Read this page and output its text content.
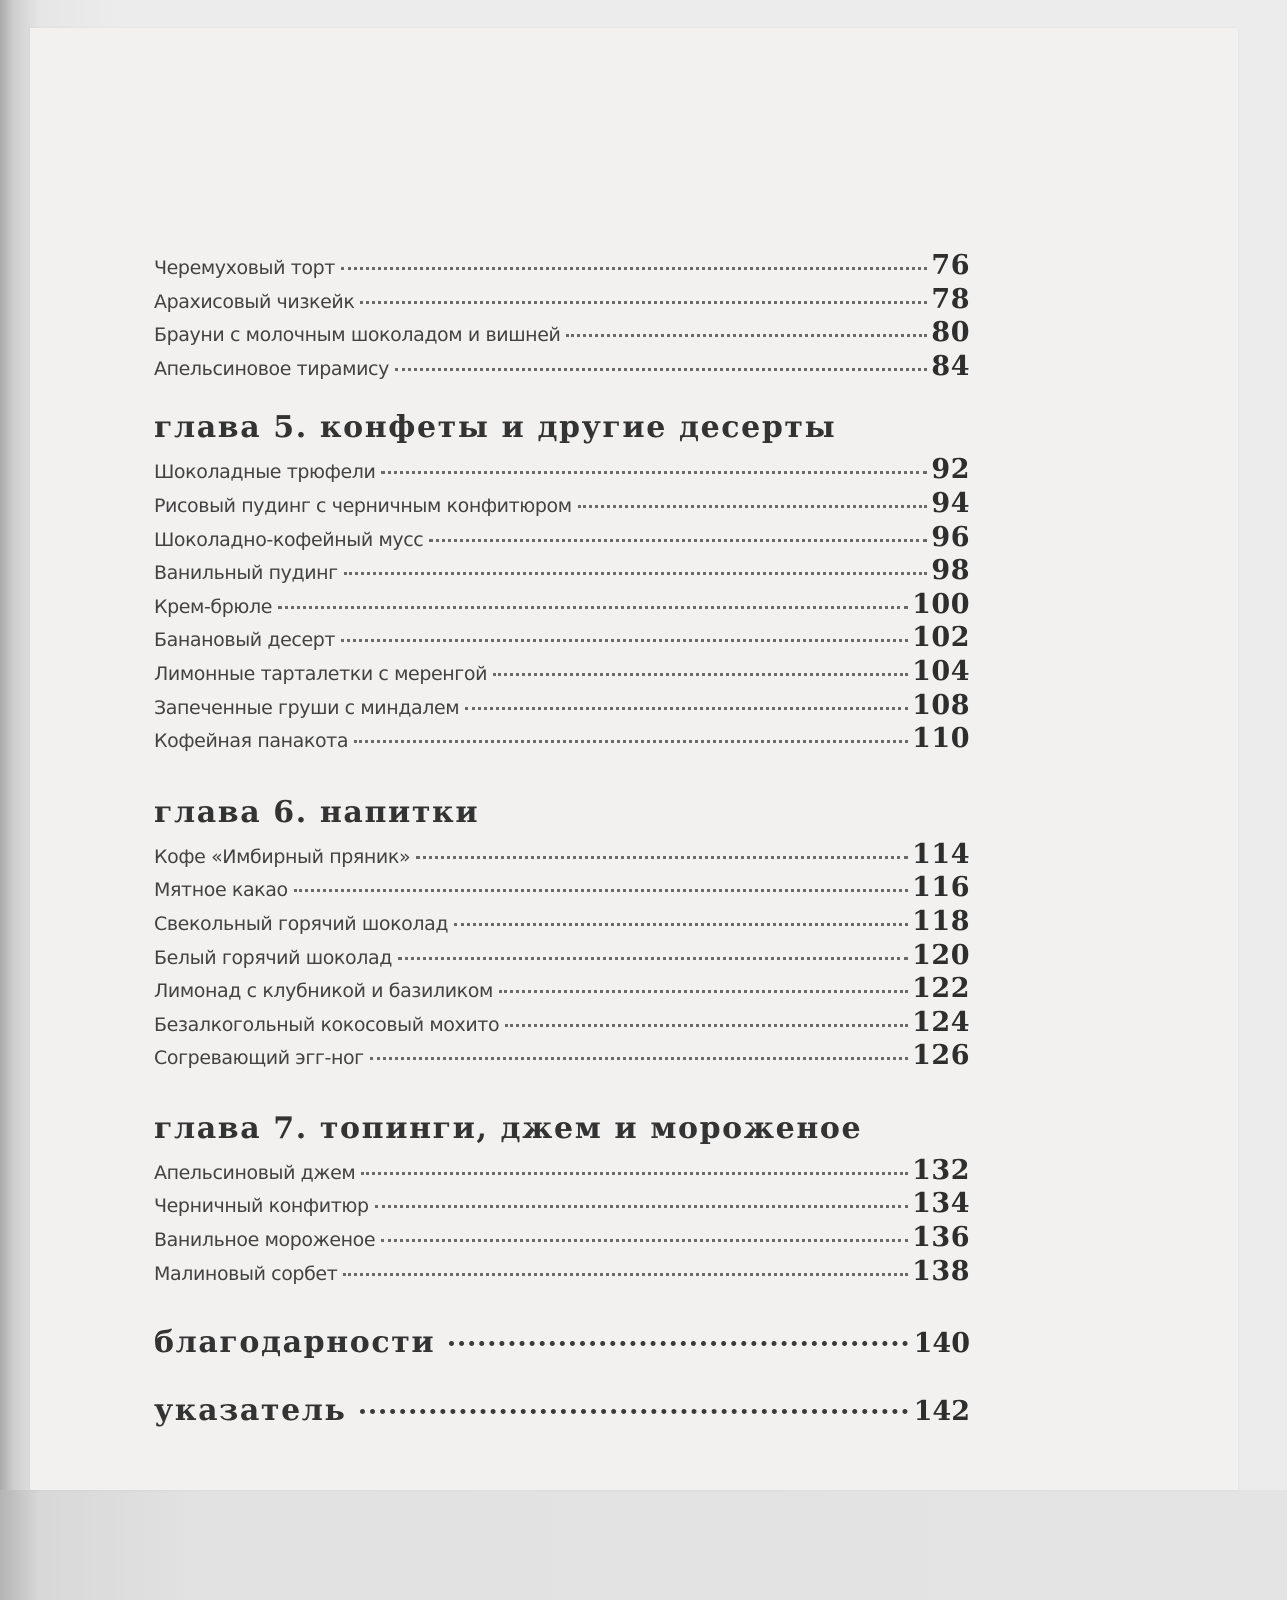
Черемуховый торт	76
Арахисовый чизкейк	78
Брауни с молочным шоколадом и вишней	80
Апельсиновое тирамису	84
глава 5. конфеты и другие десерты
Шоколадные трюфели	92
Рисовый пудинг с черничным конфитюром	94
Шоколадно-кофейный мусс	96
Ванильный пудинг	98
Крем-брюле	100
Банановый десерт	102
Лимонные тарталетки с меренгой	104
Запеченные груши с миндалем	108
Кофейная панакота	110
глава 6. напитки
Кофе «Имбирный пряник»	114
Мятное какао	116
Свекольный горячий шоколад	118
Белый горячий шоколад	120
Лимонад с клубникой и базиликом	122
Безалкогольный кокосовый мохито	124
Согревающий эгг-ног	126
глава 7. топинги, джем и мороженое
Апельсиновый джем	132
Черничный конфитюр	134
Ванильное мороженое	136
Малиновый сорбет	138
благодарности	140
указатель	142
